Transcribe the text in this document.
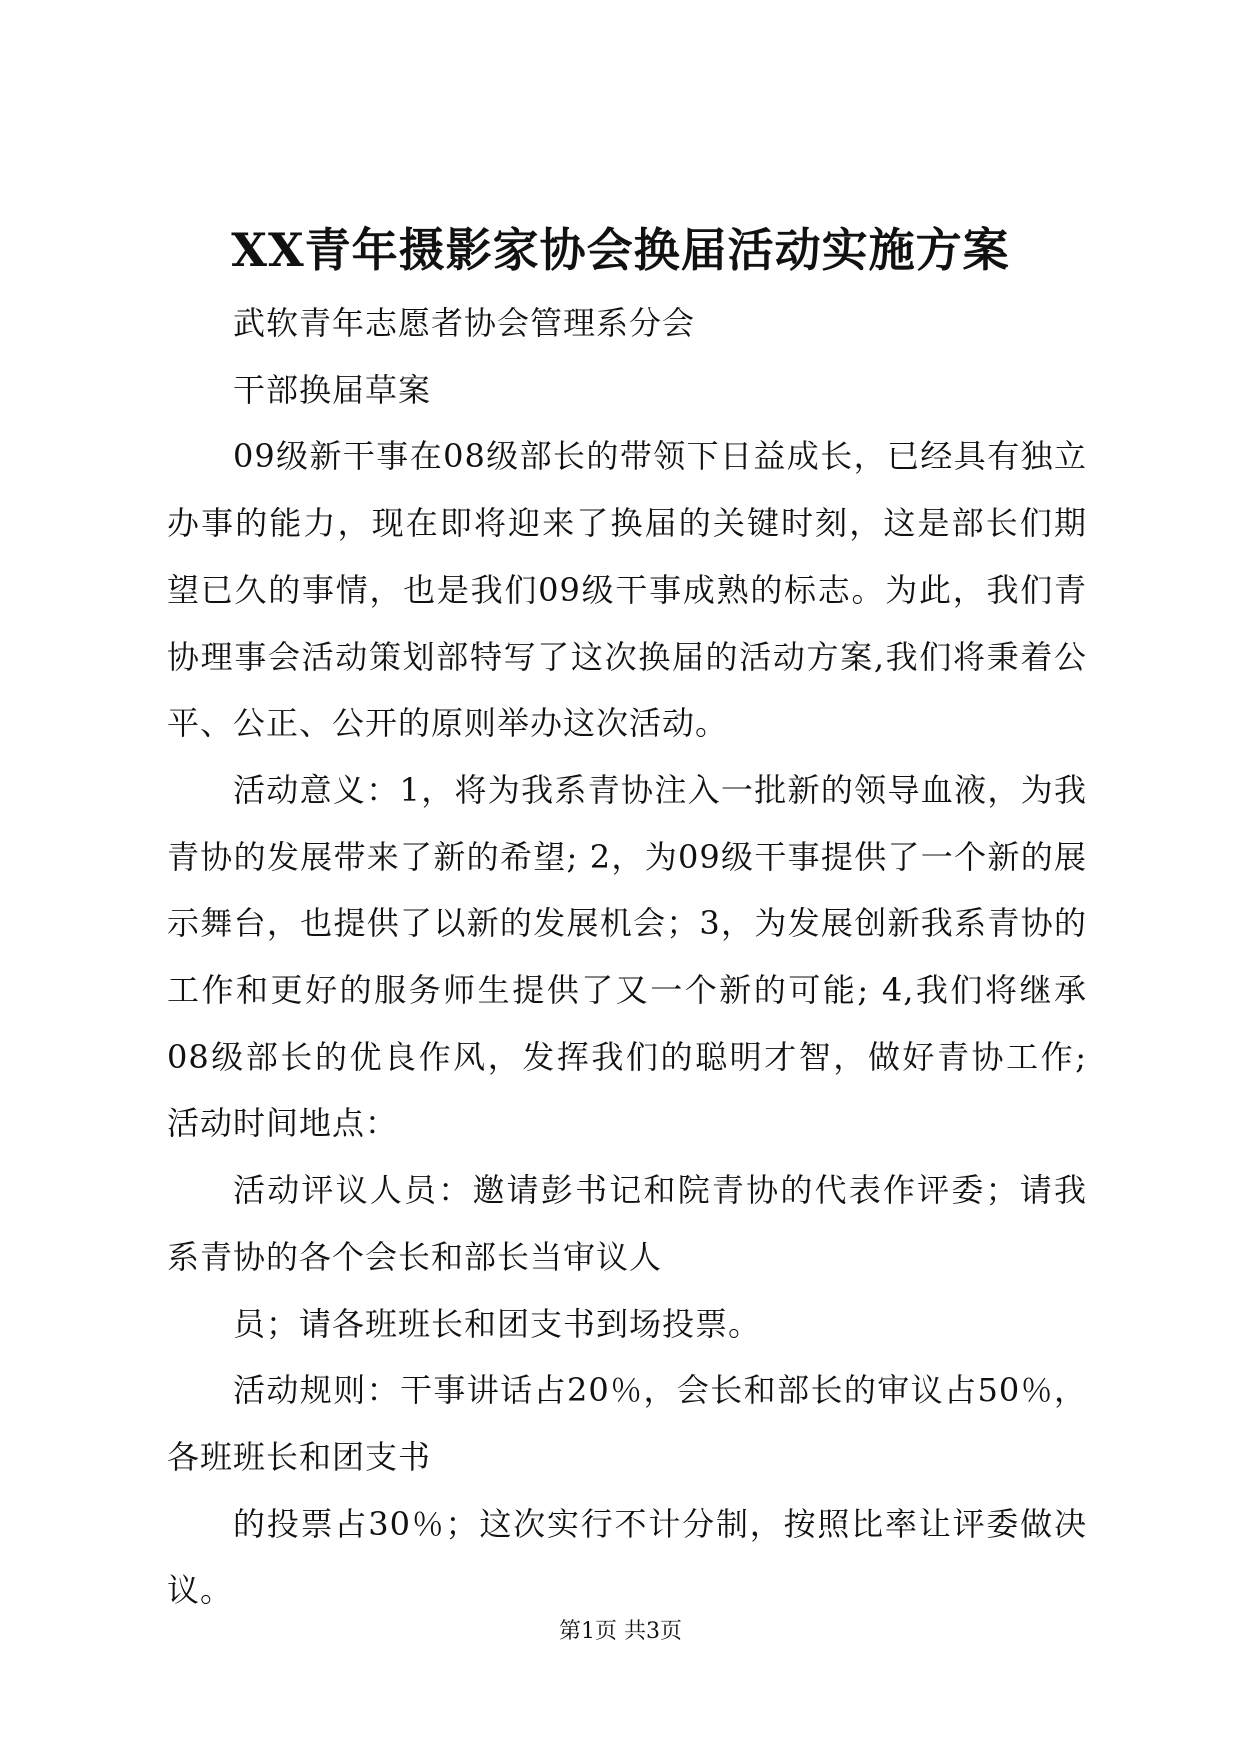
XX青年摄影家协会换届活动实施方案

武软青年志愿者协会管理系分会

干部换届草案

09级新干事在08级部长的带领下日益成长，已经具有独立办事的能力，现在即将迎来了换届的关键时刻，这是部长们期望已久的事情，也是我们09级干事成熟的标志。为此，我们青协理事会活动策划部特写了这次换届的活动方案,我们将秉着公平、公正、公开的原则举办这次活动。

活动意义：1，将为我系青协注入一批新的领导血液，为我青协的发展带来了新的希望; 2，为09级干事提供了一个新的展示舞台，也提供了以新的发展机会；3，为发展创新我系青协的工作和更好的服务师生提供了又一个新的可能; 4,我们将继承08级部长的优良作风，发挥我们的聪明才智，做好青协工作; 活动时间地点：

活动评议人员：邀请彭书记和院青协的代表作评委；请我系青协的各个会长和部长当审议人

员；请各班班长和团支书到场投票。

活动规则：干事讲话占20％，会长和部长的审议占50％，各班班长和团支书

的投票占30％；这次实行不计分制，按照比率让评委做决议。

第1页 共3页
